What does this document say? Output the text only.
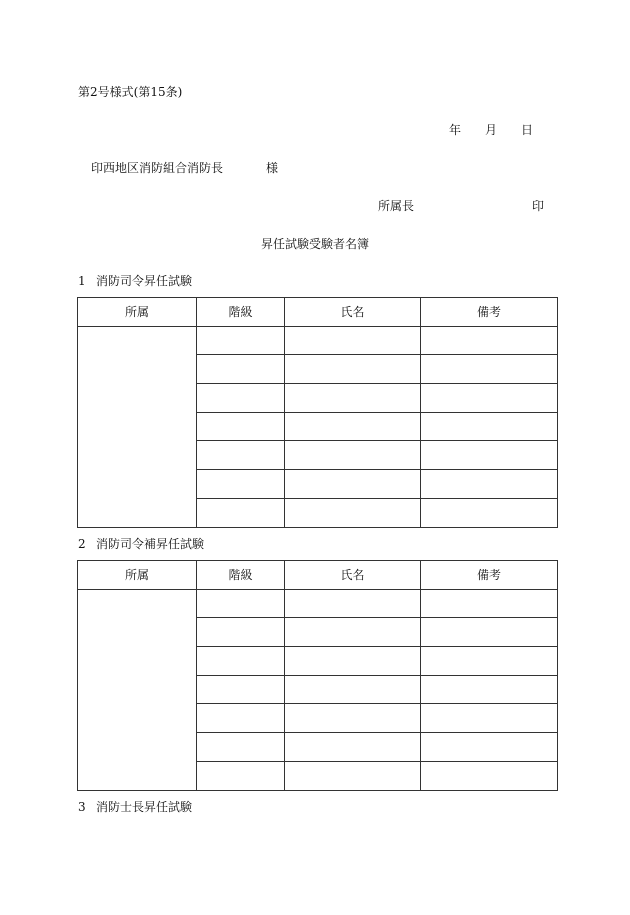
第2号様式(第15条)
年 月 日
印西地区消防組合消防長	様
所属長	印
昇任試験受験者名簿
1 消防司令昇任試験
所属	階級	氏名	備考

2 消防司令補昇任試験
所属	階級	氏名	備考

3 消防士長昇任試験
